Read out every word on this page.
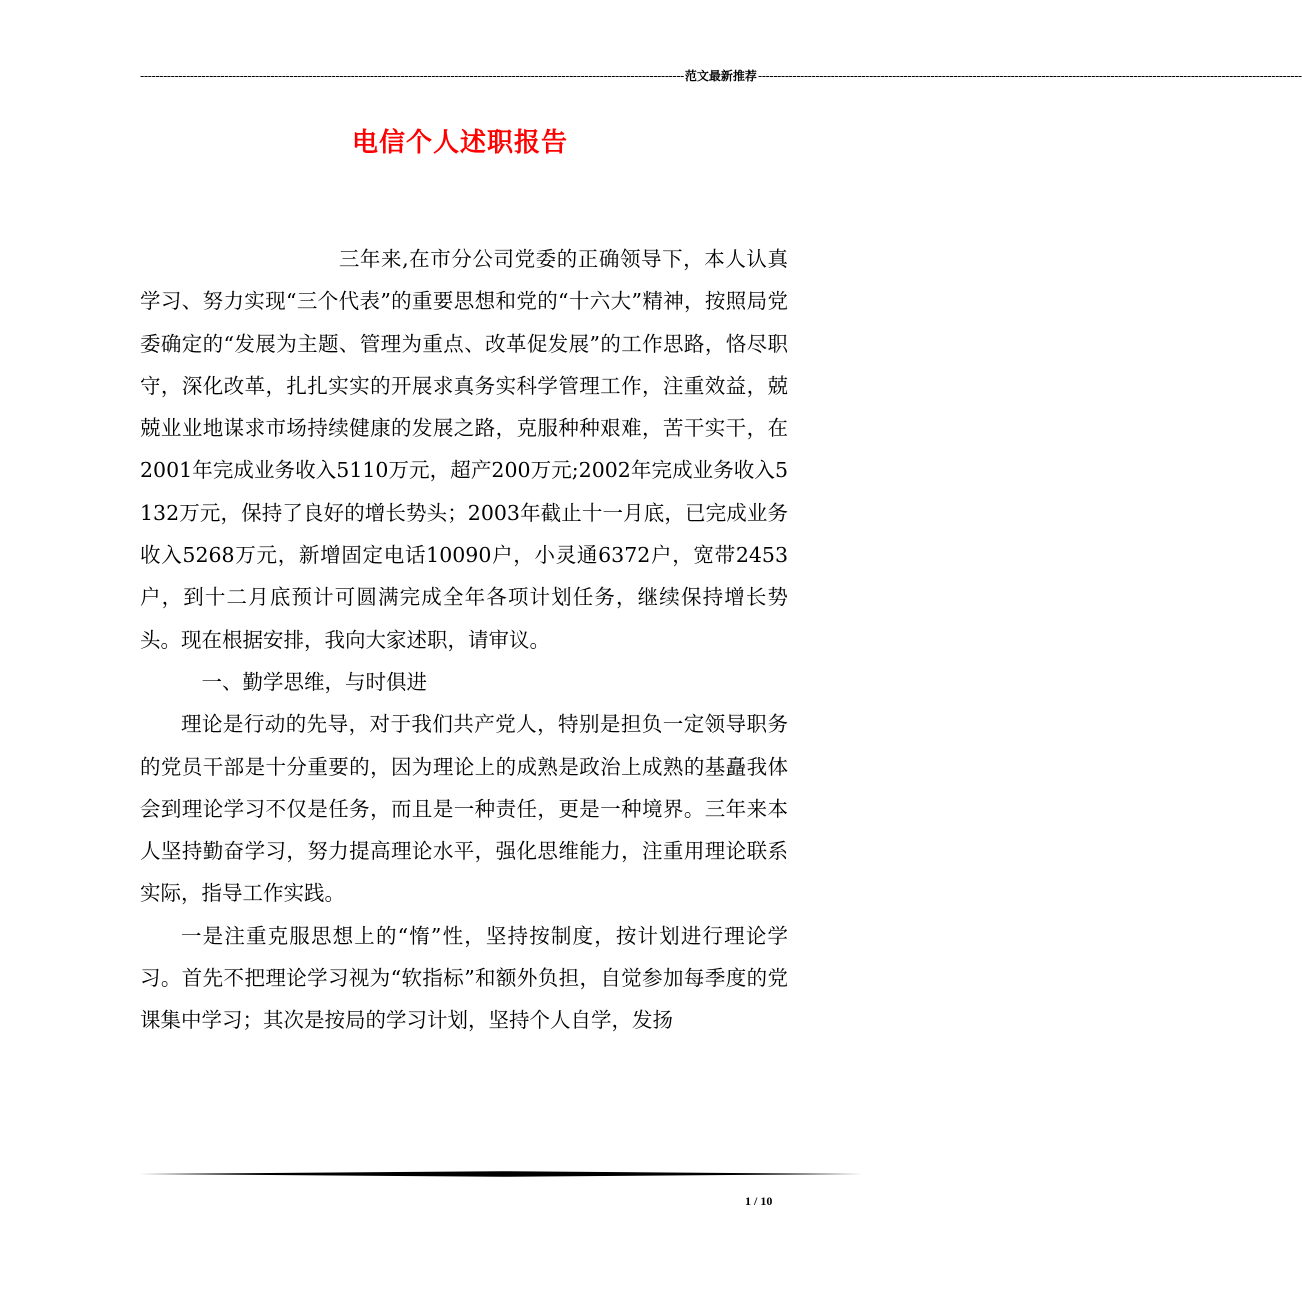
---------------------------------------------------------------------------------------------------------------------------------------------- 范文最新推荐 ----------------------------------------------------------------------------------------------------------------------------------------------
电信个人述职报告

三年来,在市分公司党委的正确领导下，本人认真学习、努力实现“三个代表”的重要思想和党的“十六大”精神，按照局党委确定的“发展为主题、管理为重点、改革促发展”的工作思路，恪尽职守，深化改革，扎扎实实的开展求真务实科学管理工作，注重效益，兢兢业业地谋求市场持续健康的发展之路，克服种种艰难，苦干实干，在2001年完成业务收入5110万元，超产200万元;2002年完成业务收入5132万元，保持了良好的增长势头；2003年截止十一月底，已完成业务收入5268万元，新增固定电话10090户，小灵通6372户，宽带2453户，到十二月底预计可圆满完成全年各项计划任务，继续保持增长势头。现在根据安排，我向大家述职，请审议。

一、勤学思维，与时俱进

理论是行动的先导，对于我们共产党人，特别是担负一定领导职务的党员干部是十分重要的，因为理论上的成熟是政治上成熟的基矗我体会到理论学习不仅是任务，而且是一种责任，更是一种境界。三年来本人坚持勤奋学习，努力提高理论水平，强化思维能力，注重用理论联系实际，指导工作实践。

一是注重克服思想上的“惰”性，坚持按制度，按计划进行理论学习。首先不把理论学习视为“软指标”和额外负担，自觉参加每季度的党课集中学习；其次是按局的学习计划，坚持个人自学，发扬

1 / 10
